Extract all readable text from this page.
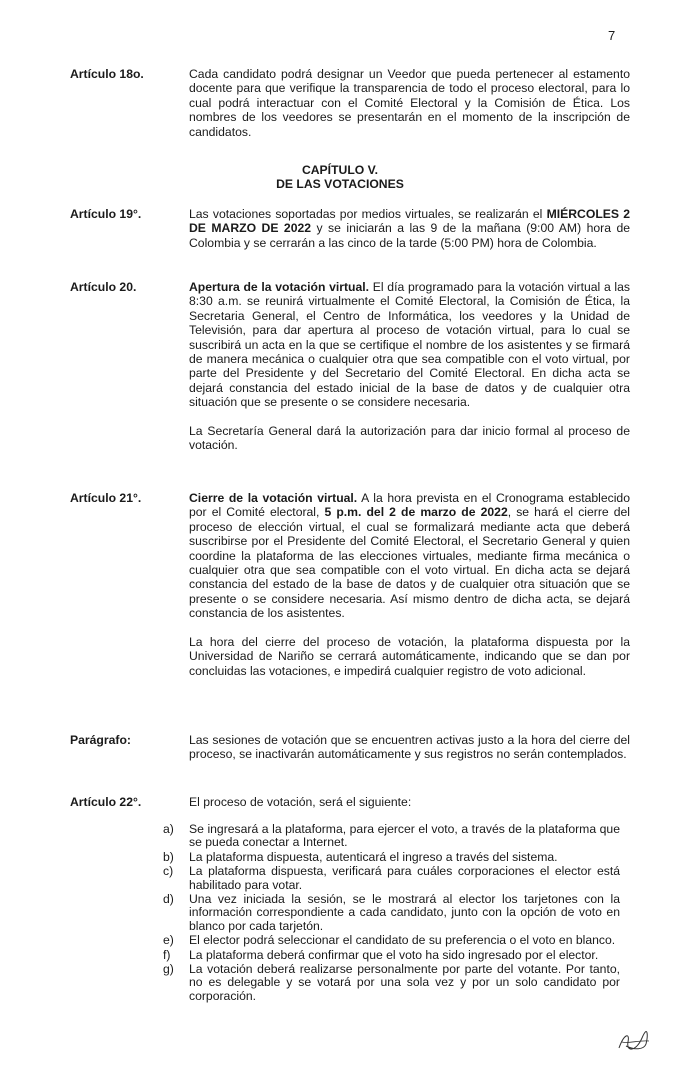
7
Artículo 18o.	Cada candidato podrá designar un Veedor que pueda pertenecer al estamento docente para que verifique la transparencia de todo el proceso electoral, para lo cual podrá interactuar con el Comité Electoral y la Comisión de Ética. Los nombres de los veedores se presentarán en el momento de la inscripción de candidatos.

CAPÍTULO V.
DE LAS VOTACIONES
Artículo 19°.	Las votaciones soportadas por medios virtuales, se realizarán el MIÉRCOLES 2 DE MARZO DE 2022 y se iniciarán a las 9 de la mañana (9:00 AM) hora de Colombia y se cerrarán a las cinco de la tarde (5:00 PM) hora de Colombia.

Artículo 20.	Apertura de la votación virtual. El día programado para la votación virtual a las 8:30 a.m. se reunirá virtualmente el Comité Electoral, la Comisión de Ética, la Secretaria General, el Centro de Informática, los veedores y la Unidad de Televisión, para dar apertura al proceso de votación virtual, para lo cual se suscribirá un acta en la que se certifique el nombre de los asistentes y se firmará de manera mecánica o cualquier otra que sea compatible con el voto virtual, por parte del Presidente y del Secretario del Comité Electoral. En dicha acta se dejará constancia del estado inicial de la base de datos y de cualquier otra situación que se presente o se considere necesaria.

La Secretaría General dará la autorización para dar inicio formal al proceso de votación.

Artículo 21°.	Cierre de la votación virtual. A la hora prevista en el Cronograma establecido por el Comité electoral, 5 p.m. del 2 de marzo de 2022, se hará el cierre del proceso de elección virtual, el cual se formalizará mediante acta que deberá suscribirse por el Presidente del Comité Electoral, el Secretario General y quien coordine la plataforma de las elecciones virtuales, mediante firma mecánica o cualquier otra que sea compatible con el voto virtual. En dicha acta se dejará constancia del estado de la base de datos y de cualquier otra situación que se presente o se considere necesaria. Así mismo dentro de dicha acta, se dejará constancia de los asistentes.

La hora del cierre del proceso de votación, la plataforma dispuesta por la Universidad de Nariño se cerrará automáticamente, indicando que se dan por concluidas las votaciones, e impedirá cualquier registro de voto adicional.

Parágrafo:	Las sesiones de votación que se encuentren activas justo a la hora del cierre del proceso, se inactivarán automáticamente y sus registros no serán contemplados.

Artículo 22°.	El proceso de votación, será el siguiente:

a) Se ingresará a la plataforma, para ejercer el voto, a través de la plataforma que se pueda conectar a Internet.
b) La plataforma dispuesta, autenticará el ingreso a través del sistema.
c) La plataforma dispuesta, verificará para cuáles corporaciones el elector está habilitado para votar.
d) Una vez iniciada la sesión, se le mostrará al elector los tarjetones con la información correspondiente a cada candidato, junto con la opción de voto en blanco por cada tarjetón.
e) El elector podrá seleccionar el candidato de su preferencia o el voto en blanco.
f) La plataforma deberá confirmar que el voto ha sido ingresado por el elector.
g) La votación deberá realizarse personalmente por parte del votante. Por tanto, no es delegable y se votará por una sola vez y por un solo candidato por corporación.
